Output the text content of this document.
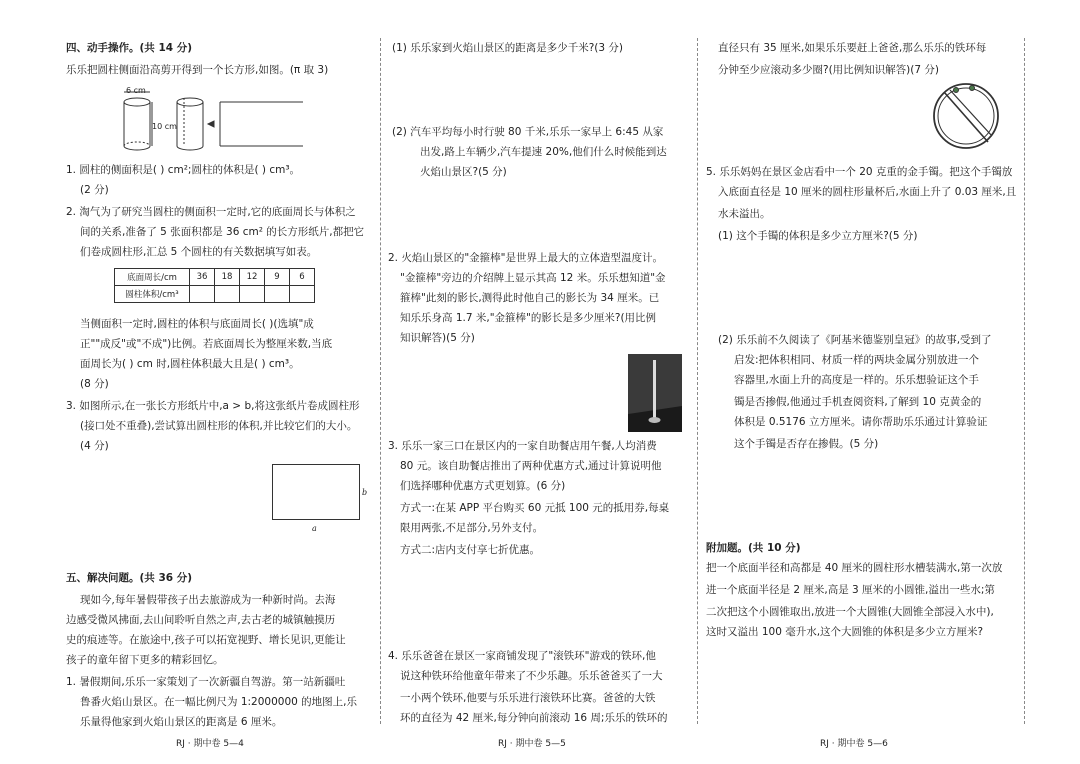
四、动手操作。(共 14 分)
乐乐把圆柱侧面沿高剪开得到一个长方形,如图。(π 取 3)
6 cm
10 cm
1. 圆柱的侧面积是( ) cm²;圆柱的体积是( ) cm³。
(2 分)
2. 淘气为了研究当圆柱的侧面积一定时,它的底面周长与体积之
间的关系,准备了 5 张面积都是 36 cm² 的长方形纸片,都把它
们卷成圆柱形,汇总 5 个圆柱的有关数据填写如表。
底面周长/cm	36	18	12	9	6
圆柱体积/cm³					
当侧面积一定时,圆柱的体积与底面周长( )(选填"成
正""成反"或"不成")比例。若底面周长为整厘米数,当底
面周长为( ) cm 时,圆柱体积最大且是( ) cm³。
(8 分)
3. 如图所示,在一张长方形纸片中,a > b,将这张纸片卷成圆柱形
(接口处不重叠),尝试算出圆柱形的体积,并比较它们的大小。
(4 分)
b
a
五、解决问题。(共 36 分)
现如今,每年暑假带孩子出去旅游成为一种新时尚。去海
边感受微风拂面,去山间聆听自然之声,去古老的城镇触摸历
史的痕迹等。在旅途中,孩子可以拓宽视野、增长见识,更能让
孩子的童年留下更多的精彩回忆。
1. 暑假期间,乐乐一家策划了一次新疆自驾游。第一站新疆吐
鲁番火焰山景区。在一幅比例尺为 1:2000000 的地图上,乐
乐量得他家到火焰山景区的距离是 6 厘米。
RJ · 期中卷 5—4
(1) 乐乐家到火焰山景区的距离是多少千米?(3 分)
(2) 汽车平均每小时行驶 80 千米,乐乐一家早上 6:45 从家
出发,路上车辆少,汽车提速 20%,他们什么时候能到达
火焰山景区?(5 分)
2. 火焰山景区的"金箍棒"是世界上最大的立体造型温度计。
"金箍棒"旁边的介绍牌上显示其高 12 米。乐乐想知道"金
箍棒"此刻的影长,测得此时他自己的影长为 34 厘米。已
知乐乐身高 1.7 米,"金箍棒"的影长是多少厘米?(用比例
知识解答)(5 分)
3. 乐乐一家三口在景区内的一家自助餐店用午餐,人均消费
80 元。该自助餐店推出了两种优惠方式,通过计算说明他
们选择哪种优惠方式更划算。(6 分)
方式一:在某 APP 平台购买 60 元抵 100 元的抵用券,每桌
限用两张,不足部分,另外支付。
方式二:店内支付享七折优惠。
4. 乐乐爸爸在景区一家商铺发现了"滚铁环"游戏的铁环,他
说这种铁环给他童年带来了不少乐趣。乐乐爸爸买了一大
一小两个铁环,他要与乐乐进行滚铁环比赛。爸爸的大铁
环的直径为 42 厘米,每分钟向前滚动 16 周;乐乐的铁环的
RJ · 期中卷 5—5
直径只有 35 厘米,如果乐乐要赶上爸爸,那么乐乐的铁环每
分钟至少应滚动多少圈?(用比例知识解答)(7 分)
5. 乐乐妈妈在景区金店看中一个 20 克重的金手镯。把这个手镯放
入底面直径是 10 厘米的圆柱形量杯后,水面上升了 0.03 厘米,且
水未溢出。
(1) 这个手镯的体积是多少立方厘米?(5 分)
(2) 乐乐前不久阅读了《阿基米德鉴别皇冠》的故事,受到了
启发:把体积相同、材质一样的两块金属分别放进一个
容器里,水面上升的高度是一样的。乐乐想验证这个手
镯是否掺假,他通过手机查阅资料,了解到 10 克黄金的
体积是 0.5176 立方厘米。请你帮助乐乐通过计算验证
这个手镯是否存在掺假。(5 分)
附加题。(共 10 分)
把一个底面半径和高都是 40 厘米的圆柱形水槽装满水,第一次放
进一个底面半径是 2 厘米,高是 3 厘米的小圆锥,溢出一些水;第
二次把这个小圆锥取出,放进一个大圆锥(大圆锥全部浸入水中),
这时又溢出 100 毫升水,这个大圆锥的体积是多少立方厘米?
RJ · 期中卷 5—6
